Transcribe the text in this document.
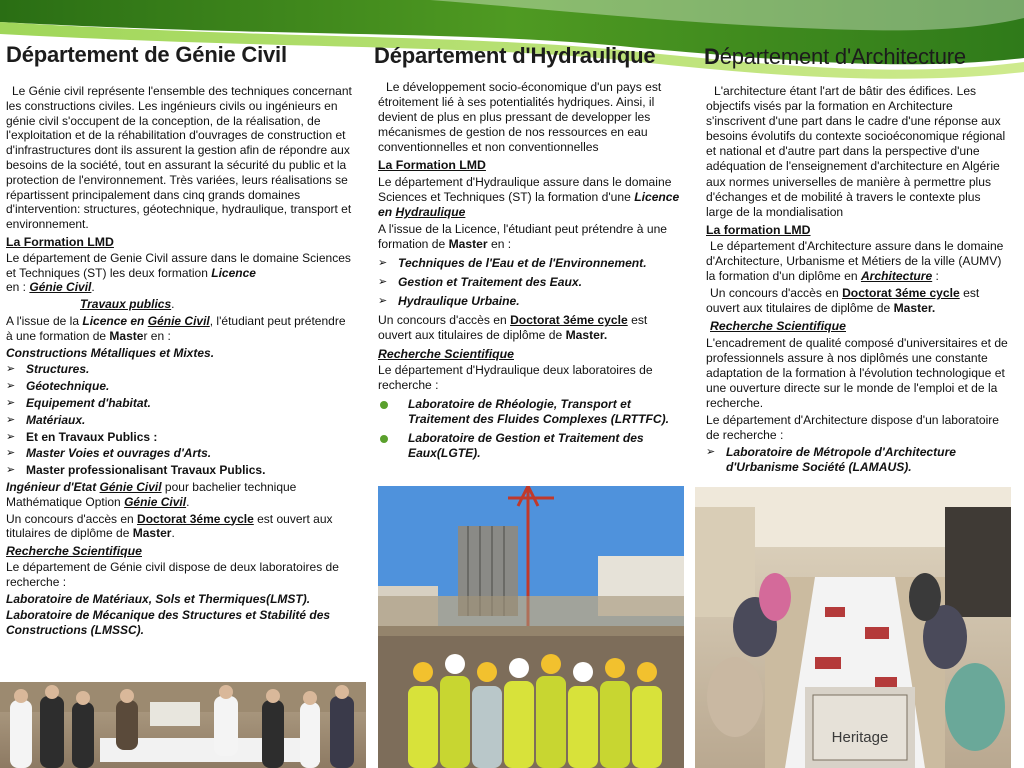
Département de Génie Civil	Département d'Hydraulique Département d'Architecture

Le Génie civil représente l'ensemble des techniques concernant les constructions civiles. Les ingénieurs civils ou ingénieurs en génie civil s'occupent de la conception, de la réalisation, de l'exploitation et de la réhabilitation d'ouvrages de construction et d'infrastructures dont ils assurent la gestion afin de répondre aux besoins de la société, tout en assurant la sécurité du public et la protection de l'environnement. Très variées, leurs réalisations se répartissent principalement dans cinq grands domaines d'intervention: structures, géotechnique, hydraulique, transport et environnement.

La Formation LMD

Le département de Genie Civil assure dans le domaine Sciences et Techniques (ST) les deux formation Licence
en : Génie Civil.

Travaux publics.

A l'issue de la Licence en Génie Civil, l'étudiant peut prétendre à une formation de Master en :

Constructions Métalliques et Mixtes.

➢ Structures.
➢ Géotechnique.
➢ Equipement d'habitat.
➢ Matériaux.
➢ Et en Travaux Publics :
➢ Master Voies et ouvrages d'Arts.
➢ Master professionalisant Travaux Publics.

Ingénieur d'Etat Génie Civil pour bachelier technique Mathématique Option Génie Civil.

Un concours d'accès en Doctorat 3éme cycle est ouvert aux titulaires de diplôme de Master.

Recherche Scientifique

Le département de Génie civil dispose de deux laboratoires de recherche :

Laboratoire de Matériaux, Sols et Thermiques(LMST).

Laboratoire de Mécanique des Structures et Stabilité des Constructions (LMSSC).

Le développement socio-économique d'un pays est étroitement lié à ses potentialités hydriques. Ainsi, il devient de plus en plus pressant de developper les mécanismes de gestion de nos ressources en eau conventionnelles et non conventionnelles

La Formation LMD

Le département d'Hydraulique assure dans le domaine Sciences et Techniques (ST) la formation d'une Licence en Hydraulique

A l'issue de la Licence, l'étudiant peut prétendre à une formation de Master en :

➢ Techniques de l'Eau et de l'Environnement.
➢ Gestion et Traitement des Eaux.
➢ Hydraulique Urbaine.

Un concours d'accès en Doctorat 3éme cycle est ouvert aux titulaires de diplôme de Master.

Recherche Scientifique

Le département d'Hydraulique deux laboratoires de recherche :

Laboratoire de Rhéologie, Transport et Traitement des Fluides Complexes (LRTTFC).
Laboratoire de Gestion et Traitement des Eaux(LGTE).

L'architecture étant l'art de bâtir des édifices. Les objectifs visés par la formation en Architecture s'inscrivent d'une part dans le cadre d'une réponse aux besoins évolutifs du contexte socioéconomique régional et national et d'autre part dans la perspective d'une adéquation de l'enseignement d'architecture en Algérie aux normes universelles de manière à permettre plus d'échanges et de mobilité à travers le contexte plus large de la mondialisation

La formation LMD

Le département d'Architecture assure dans le domaine d'Architecture, Urbanisme et Métiers de la ville (AUMV) la formation d'un diplôme en Architecture :

Un concours d'accès en Doctorat 3éme cycle est ouvert aux titulaires de diplôme de Master.

Recherche Scientifique

L'encadrement de qualité composé d'universitaires et de professionnels assure à nos diplômés une constante adaptation de la formation à l'évolution technologique et une ouverture directe sur le monde de l'emploi et de la recherche.

Le département d'Architecture dispose d'un laboratoire de recherche :

➢ Laboratoire de Métropole d'Architecture d'Urbanisme Société (LAMAUS).
Heritage
